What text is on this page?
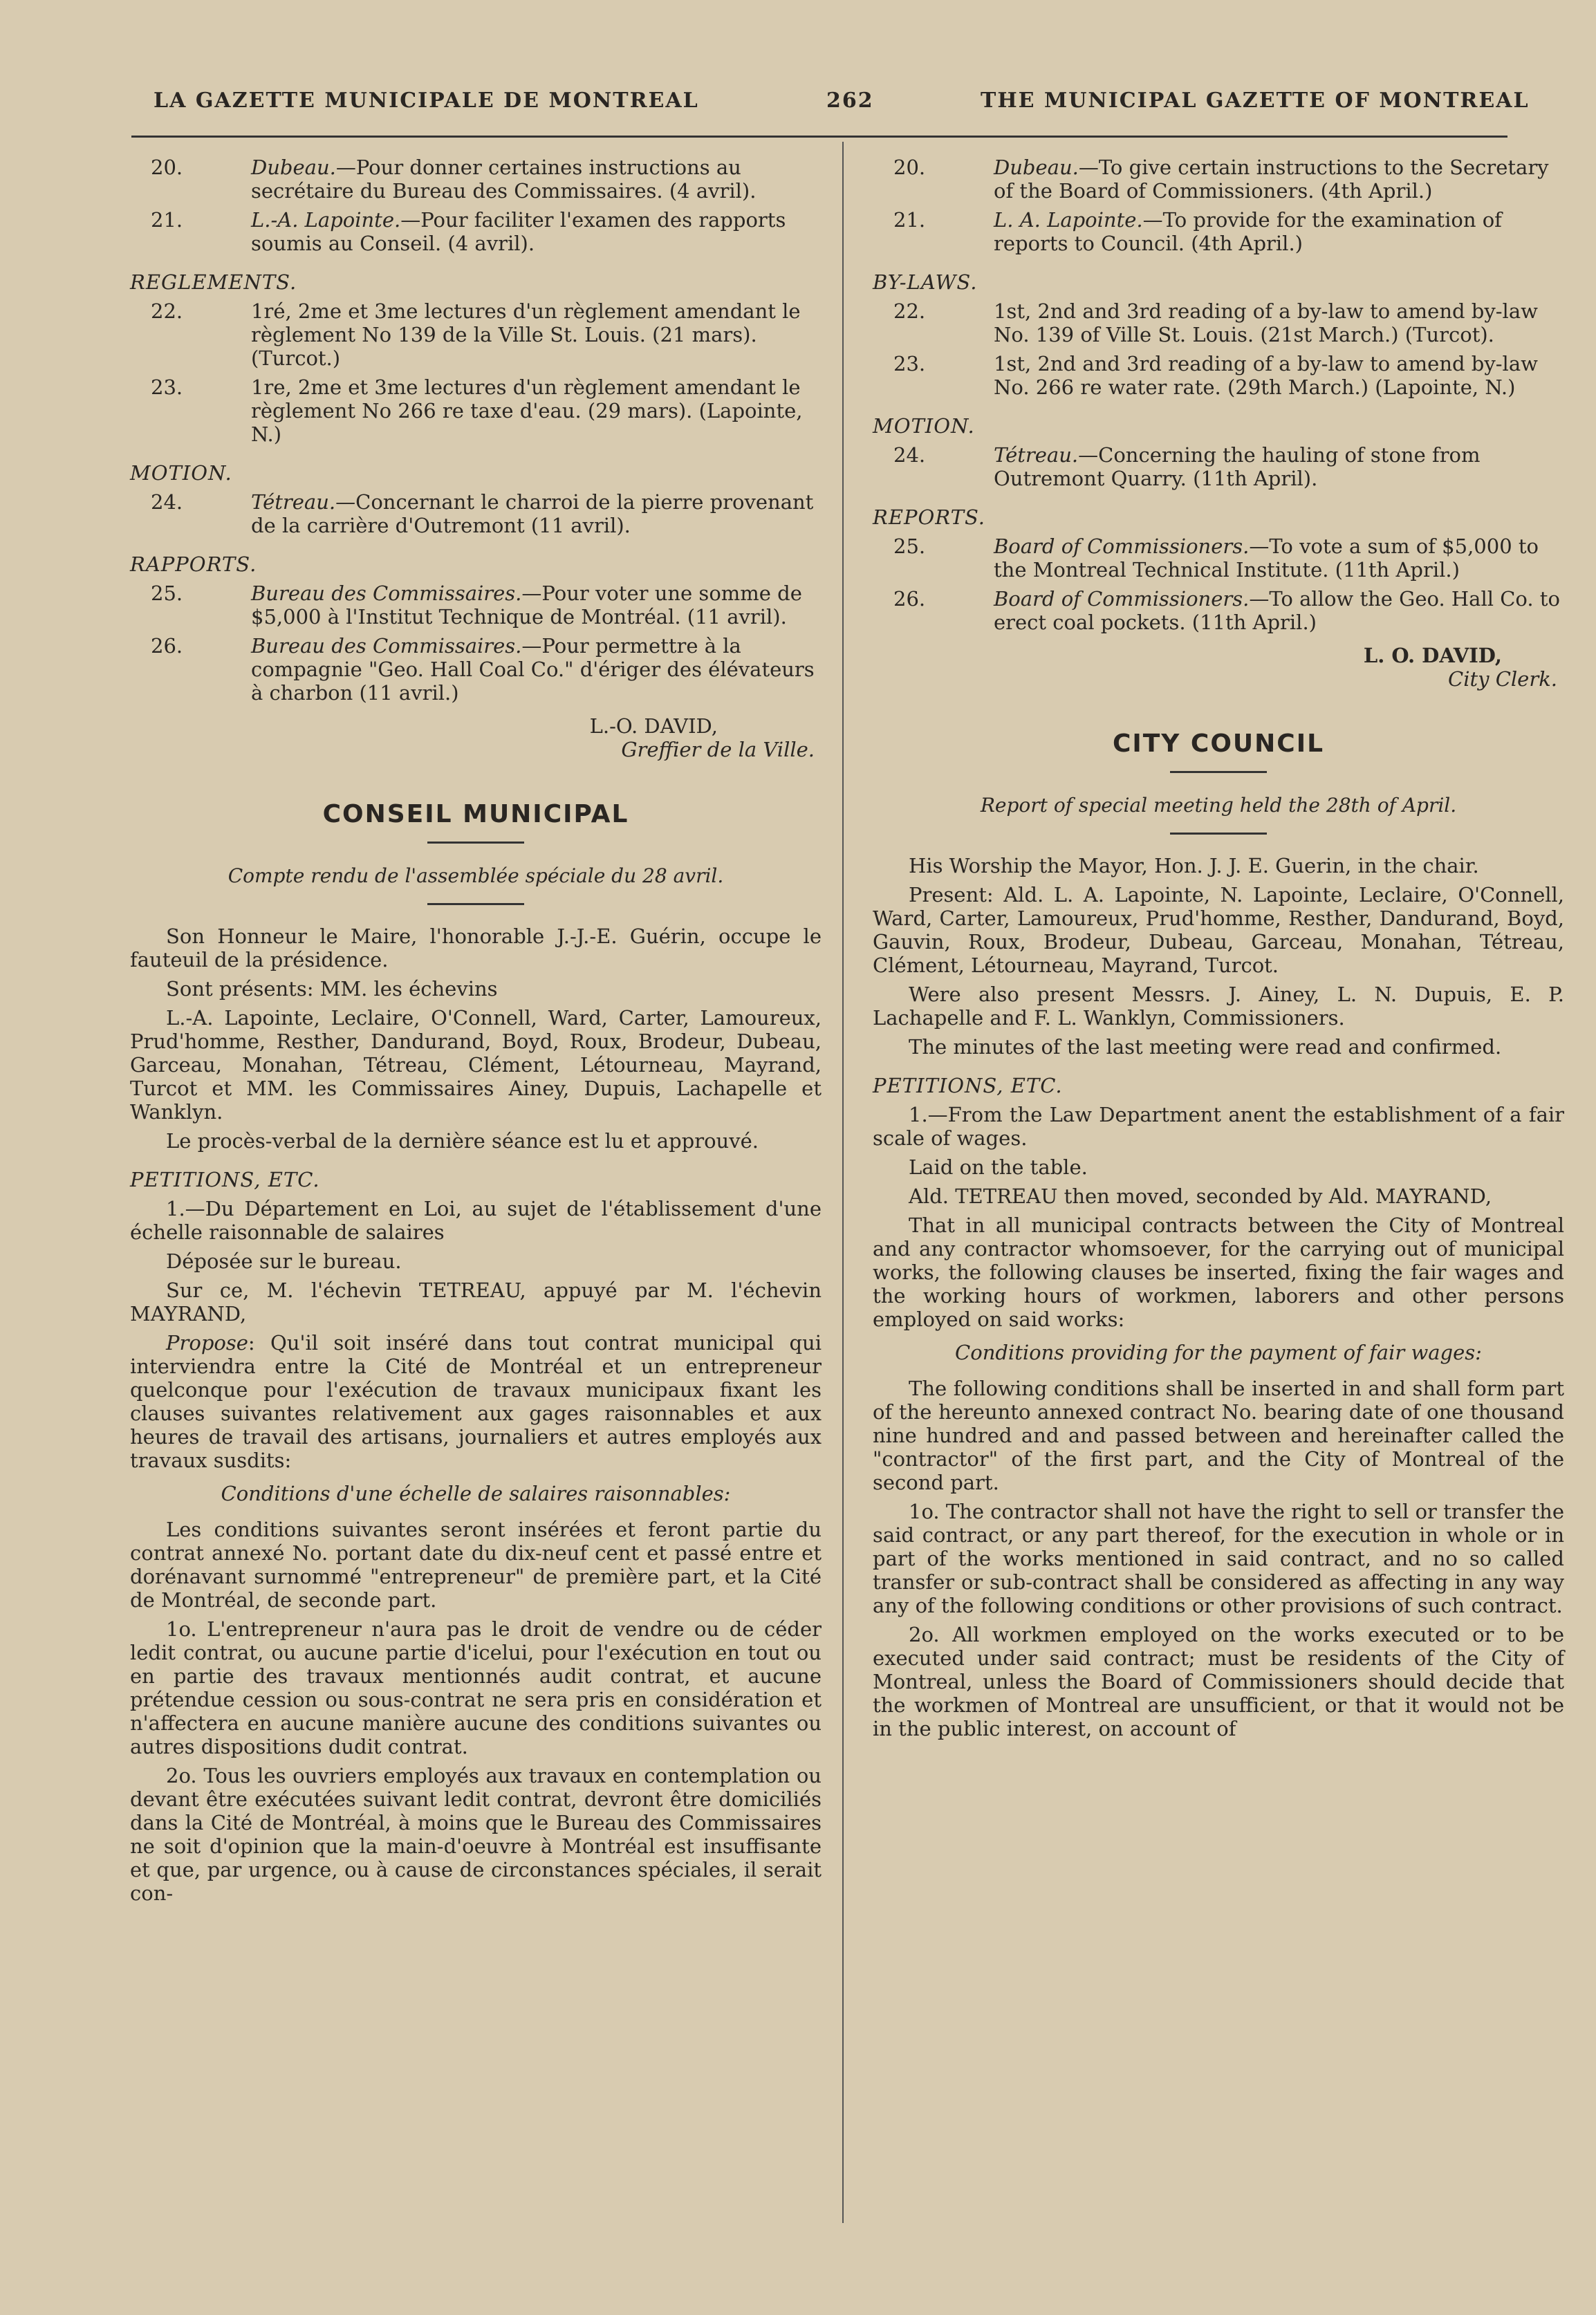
LA GAZETTE MUNICIPALE DE MONTREAL	262	THE MUNICIPAL GAZETTE OF MONTREAL

20.	Dubeau.—Pour donner certaines instructions au secrétaire du Bureau des Commissaires. (4 avril).

21.	L.-A. Lapointe.—Pour faciliter l'examen des rapports soumis au Conseil. (4 avril).

REGLEMENTS.

22.	1ré, 2me et 3me lectures d'un règlement amendant le règlement No 139 de la Ville St. Louis. (21 mars). (Turcot.)

23.	1re, 2me et 3me lectures d'un règlement amendant le règlement No 266 re taxe d'eau. (29 mars). (Lapointe, N.)

MOTION.

24.	Tétreau.—Concernant le charroi de la pierre provenant de la carrière d'Outremont (11 avril).

RAPPORTS.

25.	Bureau des Commissaires.—Pour voter une somme de $5,000 à l'Institut Technique de Montréal. (11 avril).

26.	Bureau des Commissaires.—Pour permettre à la compagnie "Geo. Hall Coal Co." d'ériger des élévateurs à charbon (11 avril.)

L.-O. DAVID,

Greffier de la Ville.

CONSEIL MUNICIPAL

Compte rendu de l'assemblée spéciale du 28 avril.

Son Honneur le Maire, l'honorable J.-J.-E. Guérin, occupe le fauteuil de la présidence.

Sont présents: MM. les échevins

L.-A. Lapointe, Leclaire, O'Connell, Ward, Carter, Lamoureux, Prud'homme, Resther, Dandurand, Boyd, Roux, Brodeur, Dubeau, Garceau, Monahan, Tétreau, Clément, Létourneau, Mayrand, Turcot et MM. les Commissaires Ainey, Dupuis, Lachapelle et Wanklyn.

Le procès-verbal de la dernière séance est lu et approuvé.

PETITIONS, ETC.

1.—Du Département en Loi, au sujet de l'établissement d'une échelle raisonnable de salaires

Déposée sur le bureau.

Sur ce, M. l'échevin TETREAU, appuyé par M. l'échevin MAYRAND,

Propose: Qu'il soit inséré dans tout contrat municipal qui interviendra entre la Cité de Montréal et un entrepreneur quelconque pour l'exécution de travaux municipaux fixant les clauses suivantes relativement aux gages raisonnables et aux heures de travail des artisans, journaliers et autres employés aux travaux susdits:

Conditions d'une échelle de salaires raisonnables:

Les conditions suivantes seront insérées et feront partie du contrat annexé No. portant date du dix-neuf cent et passé entre et dorénavant surnommé "entrepreneur" de première part, et la Cité de Montréal, de seconde part.

1o. L'entrepreneur n'aura pas le droit de vendre ou de céder ledit contrat, ou aucune partie d'icelui, pour l'exécution en tout ou en partie des travaux mentionnés audit contrat, et aucune prétendue cession ou sous-contrat ne sera pris en considération et n'affectera en aucune manière aucune des conditions suivantes ou autres dispositions dudit contrat.

2o. Tous les ouvriers employés aux travaux en contemplation ou devant être exécutées suivant ledit contrat, devront être domiciliés dans la Cité de Montréal, à moins que le Bureau des Commissaires ne soit d'opinion que la main-d'oeuvre à Montréal est insuffisante et que, par urgence, ou à cause de circonstances spéciales, il serait con-

20.	Dubeau.—To give certain instructions to the Secretary of the Board of Commissioners. (4th April.)

21.	L. A. Lapointe.—To provide for the examination of reports to Council. (4th April.)

BY-LAWS.

22.	1st, 2nd and 3rd reading of a by-law to amend by-law No. 139 of Ville St. Louis. (21st March.) (Turcot).

23.	1st, 2nd and 3rd reading of a by-law to amend by-law No. 266 re water rate. (29th March.) (Lapointe, N.)

MOTION.

24.	Tétreau.—Concerning the hauling of stone from Outremont Quarry. (11th April).

REPORTS.

25.	Board of Commissioners.—To vote a sum of $5,000 to the Montreal Technical Institute. (11th April.)

26.	Board of Commissioners.—To allow the Geo. Hall Co. to erect coal pockets. (11th April.)

L. O. DAVID,

City Clerk.

CITY COUNCIL

Report of special meeting held the 28th of April.

His Worship the Mayor, Hon. J. J. E. Guerin, in the chair.

Present: Ald. L. A. Lapointe, N. Lapointe, Leclaire, O'Connell, Ward, Carter, Lamoureux, Prud'homme, Resther, Dandurand, Boyd, Gauvin, Roux, Brodeur, Dubeau, Garceau, Monahan, Tétreau, Clément, Létourneau, Mayrand, Turcot.

Were also present Messrs. J. Ainey, L. N. Dupuis, E. P. Lachapelle and F. L. Wanklyn, Commissioners.

The minutes of the last meeting were read and confirmed.

PETITIONS, ETC.

1.—From the Law Department anent the establishment of a fair scale of wages.

Laid on the table.

Ald. TETREAU then moved, seconded by Ald. MAYRAND,

That in all municipal contracts between the City of Montreal and any contractor whomsoever, for the carrying out of municipal works, the following clauses be inserted, fixing the fair wages and the working hours of workmen, laborers and other persons employed on said works:

Conditions providing for the payment of fair wages:

The following conditions shall be inserted in and shall form part of the hereunto annexed contract No. bearing date of one thousand nine hundred and and passed between and hereinafter called the "contractor" of the first part, and the City of Montreal of the second part.

1o. The contractor shall not have the right to sell or transfer the said contract, or any part thereof, for the execution in whole or in part of the works mentioned in said contract, and no so called transfer or sub-contract shall be considered as affecting in any way any of the following conditions or other provisions of such contract.

2o. All workmen employed on the works executed or to be executed under said contract; must be residents of the City of Montreal, unless the Board of Commissioners should decide that the workmen of Montreal are unsufficient, or that it would not be in the public interest, on account of
